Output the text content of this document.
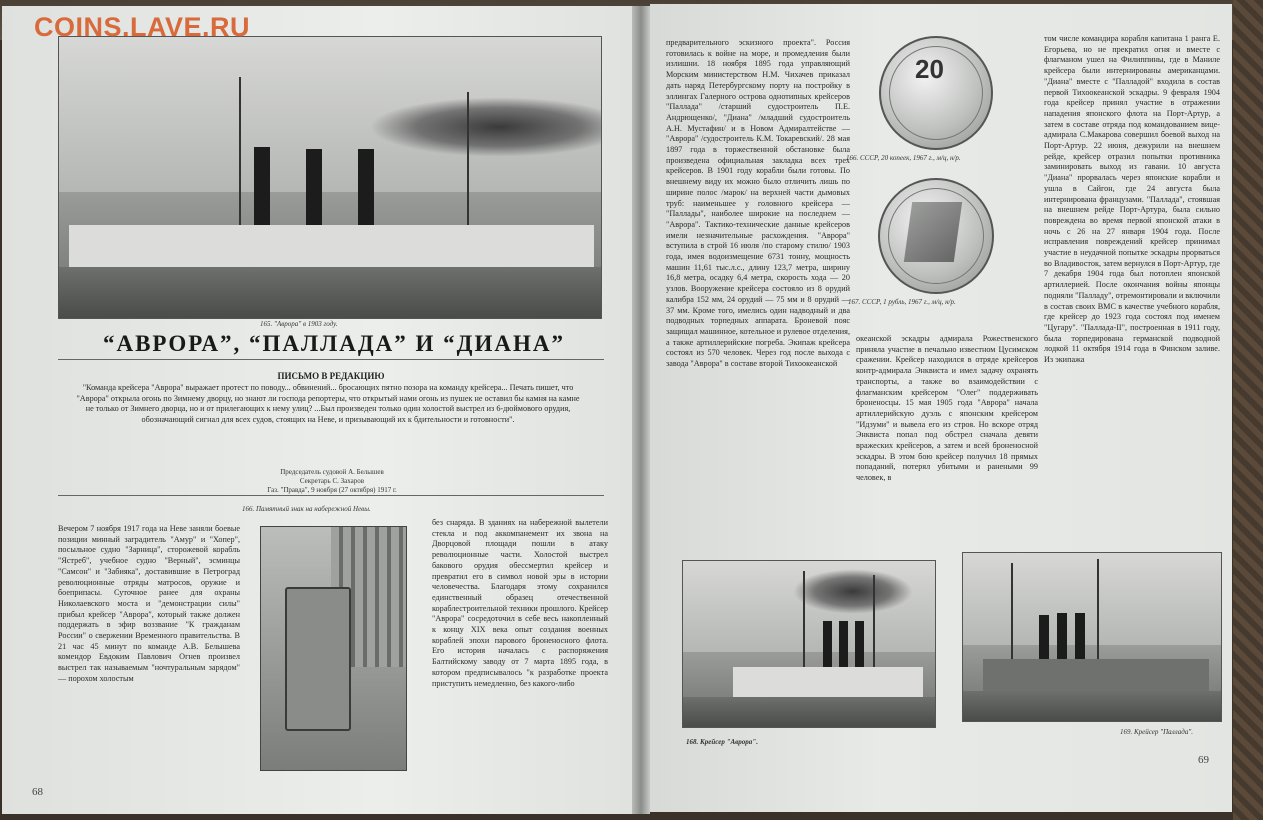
165. "Аврора" в 1903 году.
“АВРОРА”, “ПАЛЛАДА” И “ДИАНА”
ПИСЬМО В РЕДАКЦИЮ
"Команда крейсера "Аврора" выражает протест по поводу... обвинений... бросающих пятно позора на команду крейсера... Печать пишет, что "Аврора" открыла огонь по Зимнему дворцу, но знают ли господа репортеры, что открытый нами огонь из пушек не оставил бы камня на камне не только от Зимнего дворца, но и от прилегающих к нему улиц? ...Был произведен только один холостой выстрел из 6-дюймового орудия, обозначающий сигнал для всех судов, стоящих на Неве, и призывающий их к бдительности и готовности".
Председатель судовой А. Белышев
Секретарь С. Захаров
Газ. "Правда", 9 ноября (27 октября) 1917 г.
Вечером 7 ноября 1917 года на Неве заняли боевые позиции минный заградитель "Амур" и "Хопер", посыльное судно "Зарница", сторожевой корабль "Ястреб", учебное судно "Верный", эсминцы "Самсон" и "Забияка", доставившие в Петроград революционные отряды матросов, оружие и боеприпасы. Суточное ранее для охраны Николаевского моста и "демонстрации силы" прибыл крейсер "Аврора", который также должен поддержать в эфир воззвание "К гражданам России" о свержении Временного правительства. В 21 час 45 минут по команде А.В. Белышева комендор Евдоким Павлович Огнев произвел выстрел так называемым "ночтуральным зарядом" — порохом холостым
166. Памятный знак на набережной Невы.
без снаряда. В зданиях на набережной вылетели стекла и под аккомпанемент их звона на Дворцовой площади пошли в атаку революционные части. Холостой выстрел бакового орудия обессмертил крейсер и превратил его в символ новой эры в истории человечества. Благодаря этому сохранился единственный образец отечественной кораблестроительной техники прошлого. Крейсер "Аврора" сосредоточил в себе весь накопленный к концу XIX века опыт создания военных кораблей эпохи парового броненосного флота. Его история началась с распоряжения Балтийскому заводу от 7 марта 1895 года, в котором предписывалось "к разработке проекта приступить немедленно, без какого-либо
68
предварительного эскизного проекта". Россия готовилась к войне на море, и промедления были излишни. 18 ноября 1895 года управляющий Морским министерством Н.М. Чихачев приказал дать наряд Петербургскому порту на постройку в эллингах Галерного острова однотипных крейсеров "Паллада" /старший судостроитель П.Е. Андрющенко/, "Диана" /младший судостроитель А.Н. Мустафин/ и в Новом Адмиралтействе — "Аврора" /судостроитель К.М. Токаревский/. 28 мая 1897 года в торжественной обстановке была произведена официальная закладка всех трех крейсеров. В 1901 году корабли были готовы. По внешнему виду их можно было отличить лишь по ширине полос /марок/ на верхней части дымовых труб: наименьшее у головного крейсера — "Паллады", наиболее широкие на последнем — "Аврора". Тактико-технические данные крейсеров имели незначительные расхождения. "Аврора" вступила в строй 16 июля /по старому стилю/ 1903 года, имея водоизмещение 6731 тонну, мощность машин 11,61 тыс.л.с., длину 123,7 метра, ширину 16,8 метра, осадку 6,4 метра, скорость хода — 20 узлов. Вооружение крейсера состояло из 8 орудий калибра 152 мм, 24 орудий — 75 мм и 8 орудий — 37 мм. Кроме того, имелись один надводный и два подводных торпедных аппарата. Броневой пояс защищал машинное, котельное и рулевое отделения, а также артиллерийские погреба. Экипаж крейсера состоял из 570 человек. Через год после выхода с завода "Аврора" в составе второй Тихоокеанской
20
166. СССР, 20 копеек, 1967 г., м/ц, н/р.
167. СССР, 1 рубль, 1967 г., м/ц, н/р.
океанской эскадры адмирала Рожественского приняла участие в печально известном Цусимском сражении. Крейсер находился в отряде крейсеров контр-адмирала Энквиста и имел задачу охранять транспорты, а также во взаимодействии с флагманским крейсером "Олег" поддерживать броненосцы. 15 мая 1905 года "Аврора" начала артиллерийскую дуэль с японским крейсером "Идзуми" и вывела его из строя. Но вскоре отряд Энквиста попал под обстрел сначала девяти вражеских крейсеров, а затем и всей броненосной эскадры. В этом бою крейсер получил 18 прямых попаданий, потерял убитыми и ранеными 99 человек, в
том числе командира корабля капитана 1 ранга Е. Егорьева, но не прекратил огня и вместе с флагманом ушел на Филиппины, где в Маниле крейсера были интернированы американцами. "Диана" вместе с "Палладой" входила в состав первой Тихоокеанской эскадры. 9 февраля 1904 года крейсер принял участие в отражении нападения японского флота на Порт-Артур, а затем в составе отряда под командованием вице-адмирала С.Макарова совершил боевой выход на Порт-Артур. 22 июня, дежурили на внешнем рейде, крейсер отразил попытки противника заминировать выход из гавани. 10 августа "Диана" прорвалась через японские корабли и ушла в Сайгон, где 24 августа была интернирована французами. "Паллада", стоявшая на внешнем рейде Порт-Артура, была сильно повреждена во время первой японской атаки в ночь с 26 на 27 января 1904 года. После исправления повреждений крейсер принимал участие в неудачной попытке эскадры прорваться во Владивосток, затем вернулся в Порт-Артур, где 7 декабря 1904 года был потоплен японской артиллерией. После окончания войны японцы подняли "Палладу", отремонтировали и включили в состав своих ВМС в качестве учебного корабля, где крейсер до 1923 года состоял под именем "Цугару". "Паллада-II", построенная в 1911 году, была торпедирована германской подводной лодкой 11 октября 1914 года в Финском заливе. Из экипажа
168. Крейсер "Аврора".
169. Крейсер "Паллада".
69
COINS.LAVE.RU
